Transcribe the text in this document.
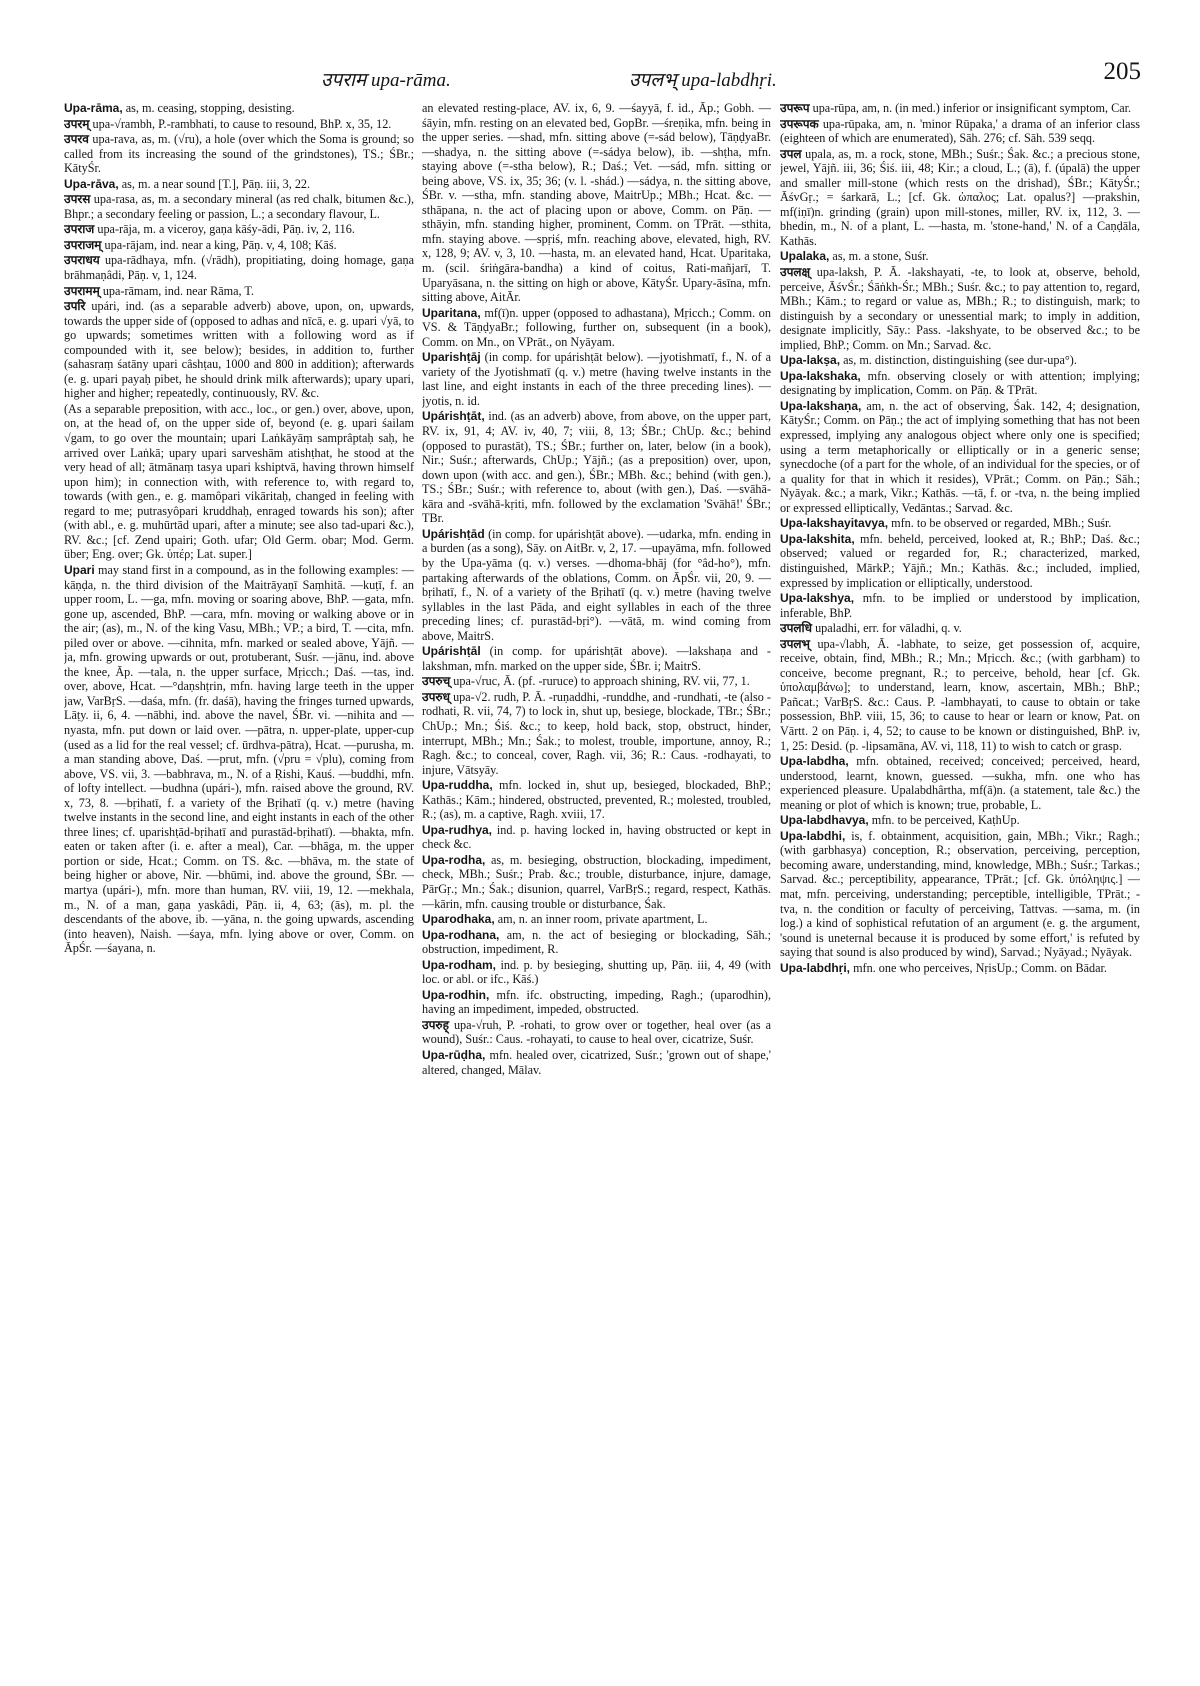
उपराम upa-rāma.	उपलभ् upa-labdhṛi.	205

Upa-rāma, as, m. ceasing, stopping, desisting.

उपरम् upa-√rambh, P.-rambhati, to cause to resound, BhP. x, 35, 12.

उपरव upa-rava, as, m. (√ru), a hole (over which the Soma is ground; so called from its increasing the sound of the grindstones), TS.; ŚBr.; KātyŚr.

Upa-rāva, as, m. a near sound [T.], Pāṇ. iii, 3, 22.

उपरस upa-rasa, as, m. a secondary mineral (as red chalk, bitumen &c.), Bhpr.; a secondary feeling or passion, L.; a secondary flavour, L.

उपराज upa-rāja, m. a viceroy, gaṇa kāśy-ādi, Pāṇ. iv, 2, 116.

उपराजम् upa-rājam, ind. near a king, Pāṇ. v, 4, 108; Kāś.

उपराधय upa-rādhaya, mfn. (√rādh), propitiating, doing homage, gaṇa brāhmaṇâdi, Pāṇ. v, 1, 124.

उपरामम् upa-rāmam, ind. near Rāma, T.

उपरि upári, ind. (as a separable adverb) above, upon, on, upwards, towards the upper side of (opposed to adhas and nīcā, e. g. upari √yā, to go upwards; sometimes written with a following word as if compounded with it, see below); besides, in addition to, further (sahasraṃ śatāny upari câshṭau, 1000 and 800 in addition); afterwards (e. g. upari payaḥ pibet, he should drink milk afterwards); upary upari, higher and higher; repeatedly, continuously, RV. &c.

(As a separable preposition, with acc., loc., or gen.) over, above, upon, on, at the head of, on the upper side of, beyond (e. g. upari śailam √gam, to go over the mountain; upari Laṅkāyāṃ samprâptaḥ saḥ, he arrived over Laṅkā; upary upari sarveshām atishṭhat, he stood at the very head of all; ātmānaṃ tasya upari kshiptvā, having thrown himself upon him); in connection with, with reference to, with regard to, towards (with gen., e. g. mamôpari vikāritaḥ, changed in feeling with regard to me; putrasyôpari kruddhaḥ, enraged towards his son); after (with abl., e. g. muhūrtād upari, after a minute; see also tad-upari &c.), RV. &c.; [cf. Zend upairi; Goth. ufar; Old Germ. obar; Mod. Germ. über; Eng. over; Gk. ὑπέρ; Lat. super.]

Upari may stand first in a compound, as in the following examples: —kāṇḍa, n. the third division of the Maitrāyaṇī Saṃhitā. —kuṭī, f. an upper room, L. —ga, mfn. moving or soaring above, BhP. —gata, mfn. gone up, ascended, BhP. —cara, mfn. moving or walking above or in the air; (as), m., N. of the king Vasu, MBh.; VP.; a bird, T. —cita, mfn. piled over or above. —cihnita, mfn. marked or sealed above, Yājñ. —ja, mfn. growing upwards or out, protuberant, Suśr. —jānu, ind. above the knee, Āp. —tala, n. the upper surface, Mṛicch.; Daś. —tas, ind. over, above, Hcat. —°daṇshṭrin, mfn. having large teeth in the upper jaw, VarBṛS. —daśa, mfn. (fr. daśā), having the fringes turned upwards, Lāṭy. ii, 6, 4. —nābhi, ind. above the navel, ŚBr. vi. —nihita and —nyasta, mfn. put down or laid over. —pātra, n. upper-plate, upper-cup (used as a lid for the real vessel; cf. ūrdhva-pātra), Hcat. —purusha, m. a man standing above, Daś. —prut, mfn. (√pru = √plu), coming from above, VS. vii, 3. —babhrava, m., N. of a Ṛishi, Kauś. —buddhi, mfn. of lofty intellect. —budhna (upári-), mfn. raised above the ground, RV. x, 73, 8. —bṛihatī, f. a variety of the Bṛihatī (q. v.) metre (having twelve instants in the second line, and eight instants in each of the other three lines; cf. uparishṭād-bṛihatī and purastād-bṛihatī). —bhakta, mfn. eaten or taken after (i. e. after a meal), Car. —bhāga, m. the upper portion or side, Hcat.; Comm. on TS. &c. —bhāva, m. the state of being higher or above, Nir. —bhūmi, ind. above the ground, ŚBr. —martya (upári-), mfn. more than human, RV. viii, 19, 12. —mekhala, m., N. of a man, gaṇa yaskâdi, Pāṇ. ii, 4, 63; (ās), m. pl. the descendants of the above, ib. —yāna, n. the going upwards, ascending (into heaven), Naish. —śaya, mfn. lying above or over, Comm. on ĀpŚr. —śayana, n.

an elevated resting-place, AV. ix, 6, 9. —śayyā, f. id., Āp.; Gobh. —śāyin, mfn. resting on an elevated bed, GopBr. —śreṇika, mfn. being in the upper series. —shad, mfn. sitting above (=-sád below), TāṇḍyaBr. —shadya, n. the sitting above (=-sádya below), ib. —shṭha, mfn. staying above (=-stha below), R.; Daś.; Vet. —sád, mfn. sitting or being above, VS. ix, 35; 36; (v. l. -shád.) —sádya, n. the sitting above, ŚBr. v. —stha, mfn. standing above, MaitrUp.; MBh.; Hcat. &c. —sthāpana, n. the act of placing upon or above, Comm. on Pāṇ. —sthāyin, mfn. standing higher, prominent, Comm. on TPrāt. —sthita, mfn. staying above. —spṛiś, mfn. reaching above, elevated, high, RV. x, 128, 9; AV. v, 3, 10. —hasta, m. an elevated hand, Hcat. Uparitaka, m. (scil. śriṅgāra-bandha) a kind of coitus, Rati-mañjarī, T. Uparyāsana, n. the sitting on high or above, KātyŚr. Upary-āsīna, mfn. sitting above, AitĀr.

Uparitana, mf(ī)n. upper (opposed to adhastana), Mṛicch.; Comm. on VS. & TāṇḍyaBr.; following, further on, subsequent (in a book), Comm. on Mn., on VPrāt., on Nyāyam.

Uparishṭāj (in comp. for upárishṭāt below). —jyotishmatī, f., N. of a variety of the Jyotishmatī (q. v.) metre (having twelve instants in the last line, and eight instants in each of the three preceding lines). —jyotis, n. id.

Upárishṭāt, ind. (as an adverb) above, from above, on the upper part, RV. ix, 91, 4; AV. iv, 40, 7; viii, 8, 13; ŚBr.; ChUp. &c.; behind (opposed to purastāt), TS.; ŚBr.; further on, later, below (in a book), Nir.; Suśr.; afterwards, ChUp.; Yājñ.; (as a preposition) over, upon, down upon (with acc. and gen.), ŚBr.; MBh. &c.; behind (with gen.), TS.; ŚBr.; Suśr.; with reference to, about (with gen.), Daś. —svāhā-kāra and -svāhā-kṛiti, mfn. followed by the exclamation 'Svāhā!' ŚBr.; TBr.

Upárishṭād (in comp. for upárishṭāt above). —udarka, mfn. ending in a burden (as a song), Sāy. on AitBr. v, 2, 17. —upayāma, mfn. followed by the Upa-yāma (q. v.) verses. —dhoma-bhāj (for °âd-ho°), mfn. partaking afterwards of the oblations, Comm. on ĀpŚr. vii, 20, 9. —bṛihatī, f., N. of a variety of the Bṛihatī (q. v.) metre (having twelve syllables in the last Pāda, and eight syllables in each of the three preceding lines; cf. purastād-bṛi°). —vātā, m. wind coming from above, MaitrS.

Upárishṭāl (in comp. for upárishṭāt above). —lakshaṇa and -lakshman, mfn. marked on the upper side, ŚBr. i; MaitrS.

उपरुच् upa-√ruc, Ā. (pf. -ruruce) to approach shining, RV. vii, 77, 1.

उपरुध् upa-√2. rudh, P. Ā. -ruṇaddhi, -runddhe, and -rundhati, -te (also -rodhati, R. vii, 74, 7) to lock in, shut up, besiege, blockade, TBr.; ŚBr.; ChUp.; Mn.; Śiś. &c.; to keep, hold back, stop, obstruct, hinder, interrupt, MBh.; Mn.; Śak.; to molest, trouble, importune, annoy, R.; Ragh. &c.; to conceal, cover, Ragh. vii, 36; R.: Caus. -rodhayati, to injure, Vātsyāy.

Upa-ruddha, mfn. locked in, shut up, besieged, blockaded, BhP.; Kathās.; Kām.; hindered, obstructed, prevented, R.; molested, troubled, R.; (as), m. a captive, Ragh. xviii, 17.

Upa-rudhya, ind. p. having locked in, having obstructed or kept in check &c.

Upa-rodha, as, m. besieging, obstruction, blockading, impediment, check, MBh.; Suśr.; Prab. &c.; trouble, disturbance, injure, damage, PārGṛ.; Mn.; Śak.; disunion, quarrel, VarBṛS.; regard, respect, Kathās. —kārin, mfn. causing trouble or disturbance, Śak.

Uparodhaka, am, n. an inner room, private apartment, L.

Upa-rodhana, am, n. the act of besieging or blockading, Sāh.; obstruction, impediment, R.

Upa-rodham, ind. p. by besieging, shutting up, Pāṇ. iii, 4, 49 (with loc. or abl. or ifc., Kāś.)

Upa-rodhin, mfn. ifc. obstructing, impeding, Ragh.; (uparodhin), having an impediment, impeded, obstructed.

उपरुह् upa-√ruh, P. -rohati, to grow over or together, heal over (as a wound), Suśr.: Caus. -rohayati, to cause to heal over, cicatrize, Suśr.

Upa-rūḍha, mfn. healed over, cicatrized, Suśr.; 'grown out of shape,' altered, changed, Mālav.

उपरूप upa-rūpa, am, n. (in med.) inferior or insignificant symptom, Car.

उपरूपक upa-rūpaka, am, n. 'minor Rūpaka,' a drama of an inferior class (eighteen of which are enumerated), Sāh. 276; cf. Sāh. 539 seqq.

उपल upala, as, m. a rock, stone, MBh.; Suśr.; Śak. &c.; a precious stone, jewel, Yājñ. iii, 36; Śiś. iii, 48; Kir.; a cloud, L.; (ā), f. (úpalā) the upper and smaller mill-stone (which rests on the drishad), ŚBr.; KātyŚr.; ĀśvGṛ.; = śarkarā, L.; [cf. Gk. ὠπαλος; Lat. opalus?] —prakshin, mf(iṇī)n. grinding (grain) upon mill-stones, miller, RV. ix, 112, 3. —bhedin, m., N. of a plant, L. —hasta, m. 'stone-hand,' N. of a Caṇḍāla, Kathās.

Upalaka, as, m. a stone, Suśr.

उपलक्ष् upa-laksh, P. Ā. -lakshayati, -te, to look at, observe, behold, perceive, ĀśvŚr.; Śāṅkh-Śr.; MBh.; Suśr. &c.; to pay attention to, regard, MBh.; Kām.; to regard or value as, MBh.; R.; to distinguish, mark; to distinguish by a secondary or unessential mark; to imply in addition, designate implicitly, Sāy.: Pass. -lakshyate, to be observed &c.; to be implied, BhP.; Comm. on Mn.; Sarvad. &c.

Upa-lakṣa, as, m. distinction, distinguishing (see dur-upa°).

Upa-lakshaka, mfn. observing closely or with attention; implying; designating by implication, Comm. on Pāṇ. & TPrāt.

Upa-lakshaṇa, am, n. the act of observing, Śak. 142, 4; designation, KātyŚr.; Comm. on Pāṇ.; the act of implying something that has not been expressed, implying any analogous object where only one is specified; using a term metaphorically or elliptically or in a generic sense; synecdoche (of a part for the whole, of an individual for the species, or of a quality for that in which it resides), VPrāt.; Comm. on Pāṇ.; Sāh.; Nyāyak. &c.; a mark, Vikr.; Kathās. —tā, f. or -tva, n. the being implied or expressed elliptically, Vedāntas.; Sarvad. &c.

Upa-lakshayitavya, mfn. to be observed or regarded, MBh.; Suśr.

Upa-lakshita, mfn. beheld, perceived, looked at, R.; BhP.; Daś. &c.; observed; valued or regarded for, R.; characterized, marked, distinguished, MārkP.; Yājñ.; Mn.; Kathās. &c.; included, implied, expressed by implication or elliptically, understood.

Upa-lakshya, mfn. to be implied or understood by implication, inferable, BhP.

उपलधि upaladhi, err. for vāladhi, q. v.

उपलभ् upa-√labh, Ā. -labhate, to seize, get possession of, acquire, receive, obtain, find, MBh.; R.; Mn.; Mṛicch. &c.; (with garbham) to conceive, become pregnant, R.; to perceive, behold, hear [cf. Gk. ὑπολαμβάνω]; to understand, learn, know, ascertain, MBh.; BhP.; Pañcat.; VarBṛS. &c.: Caus. P. -lambhayati, to cause to obtain or take possession, BhP. viii, 15, 36; to cause to hear or learn or know, Pat. on Vārtt. 2 on Pāṇ. i, 4, 52; to cause to be known or distinguished, BhP. iv, 1, 25: Desid. (p. -lipsamāna, AV. vi, 118, 11) to wish to catch or grasp.

Upa-labdha, mfn. obtained, received; conceived; perceived, heard, understood, learnt, known, guessed. —sukha, mfn. one who has experienced pleasure. Upalabdhârtha, mf(ā)n. (a statement, tale &c.) the meaning or plot of which is known; true, probable, L.

Upa-labdhavya, mfn. to be perceived, KaṭhUp.

Upa-labdhi, is, f. obtainment, acquisition, gain, MBh.; Vikr.; Ragh.; (with garbhasya) conception, R.; observation, perceiving, perception, becoming aware, understanding, mind, knowledge, MBh.; Suśr.; Tarkas.; Sarvad. &c.; perceptibility, appearance, TPrāt.; [cf. Gk. ὑπόληψις.] —mat, mfn. perceiving, understanding; perceptible, intelligible, TPrāt.; -tva, n. the condition or faculty of perceiving, Tattvas. —sama, m. (in log.) a kind of sophistical refutation of an argument (e. g. the argument, 'sound is uneternal because it is produced by some effort,' is refuted by saying that sound is also produced by wind), Sarvad.; Nyāyad.; Nyāyak.

Upa-labdhṛi, mfn. one who perceives, NṛisUp.; Comm. on Bādar.
